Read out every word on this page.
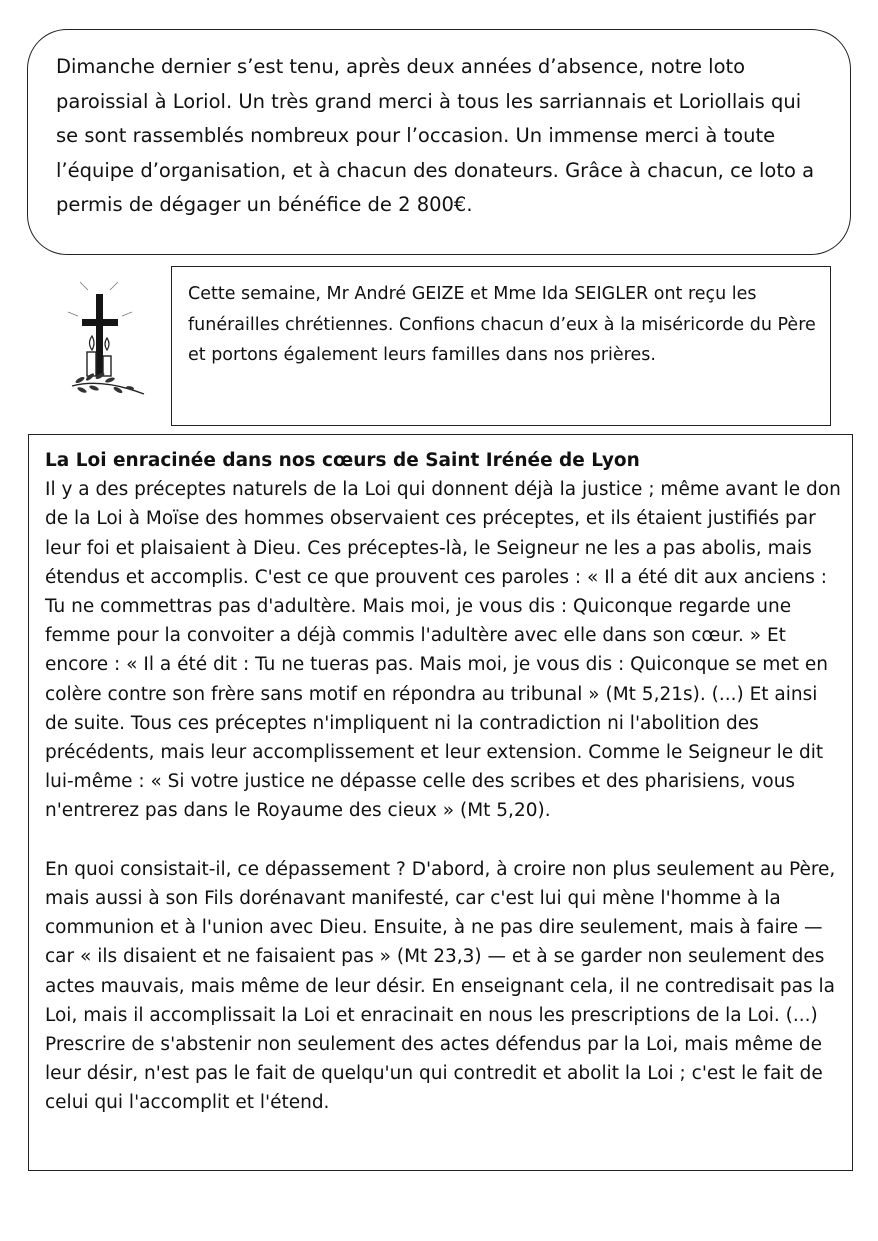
Dimanche dernier s’est tenu, après deux années d’absence, notre loto paroissial à Loriol. Un très grand merci à tous les sarriannais et Loriollais qui se sont rassemblés nombreux pour l’occasion. Un immense merci à toute l’équipe d’organisation, et à chacun des donateurs. Grâce à chacun, ce loto a permis de dégager un bénéfice de 2 800€.

Cette semaine, Mr André GEIZE et Mme Ida SEIGLER ont reçu les funérailles chrétiennes. Confions chacun d’eux à la miséricorde du Père et portons également leurs familles dans nos prières.

La Loi enracinée dans nos cœurs de Saint Irénée de Lyon

Il y a des préceptes naturels de la Loi qui donnent déjà la justice ; même avant le don de la Loi à Moïse des hommes observaient ces préceptes, et ils étaient justifiés par leur foi et plaisaient à Dieu. Ces préceptes-là, le Seigneur ne les a pas abolis, mais étendus et accomplis. C'est ce que prouvent ces paroles : « Il a été dit aux anciens : Tu ne commettras pas d'adultère. Mais moi, je vous dis : Quiconque regarde une femme pour la convoiter a déjà commis l'adultère avec elle dans son cœur. » Et encore : « Il a été dit : Tu ne tueras pas. Mais moi, je vous dis : Quiconque se met en colère contre son frère sans motif en répondra au tribunal » (Mt 5,21s). (...) Et ainsi de suite. Tous ces préceptes n'impliquent ni la contradiction ni l'abolition des précédents, mais leur accomplissement et leur extension. Comme le Seigneur le dit lui-même : « Si votre justice ne dépasse celle des scribes et des pharisiens, vous n'entrerez pas dans le Royaume des cieux » (Mt 5,20).

En quoi consistait-il, ce dépassement ? D'abord, à croire non plus seulement au Père, mais aussi à son Fils dorénavant manifesté, car c'est lui qui mène l'homme à la communion et à l'union avec Dieu. Ensuite, à ne pas dire seulement, mais à faire — car « ils disaient et ne faisaient pas » (Mt 23,3) — et à se garder non seulement des actes mauvais, mais même de leur désir. En enseignant cela, il ne contredisait pas la Loi, mais il accomplissait la Loi et enracinait en nous les prescriptions de la Loi. (...) Prescrire de s'abstenir non seulement des actes défendus par la Loi, mais même de leur désir, n'est pas le fait de quelqu'un qui contredit et abolit la Loi ; c'est le fait de celui qui l'accomplit et l'étend.
